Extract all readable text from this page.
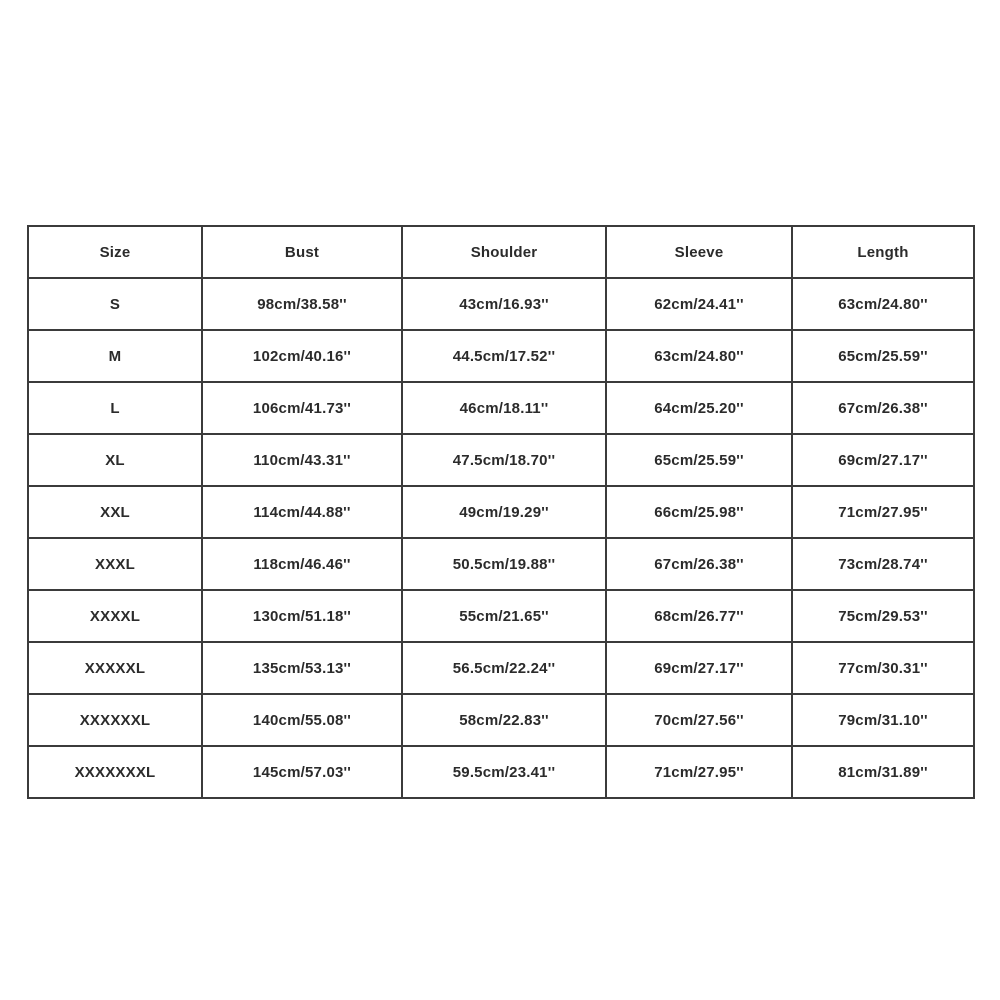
Size	Bust	Shoulder	Sleeve	Length
S	98cm/38.58''	43cm/16.93''	62cm/24.41''	63cm/24.80''
M	102cm/40.16''	44.5cm/17.52''	63cm/24.80''	65cm/25.59''
L	106cm/41.73''	46cm/18.11''	64cm/25.20''	67cm/26.38''
XL	110cm/43.31''	47.5cm/18.70''	65cm/25.59''	69cm/27.17''
XXL	114cm/44.88''	49cm/19.29''	66cm/25.98''	71cm/27.95''
XXXL	118cm/46.46''	50.5cm/19.88''	67cm/26.38''	73cm/28.74''
XXXXL	130cm/51.18''	55cm/21.65''	68cm/26.77''	75cm/29.53''
XXXXXL	135cm/53.13''	56.5cm/22.24''	69cm/27.17''	77cm/30.31''
XXXXXXL	140cm/55.08''	58cm/22.83''	70cm/27.56''	79cm/31.10''
XXXXXXXL	145cm/57.03''	59.5cm/23.41''	71cm/27.95''	81cm/31.89''
